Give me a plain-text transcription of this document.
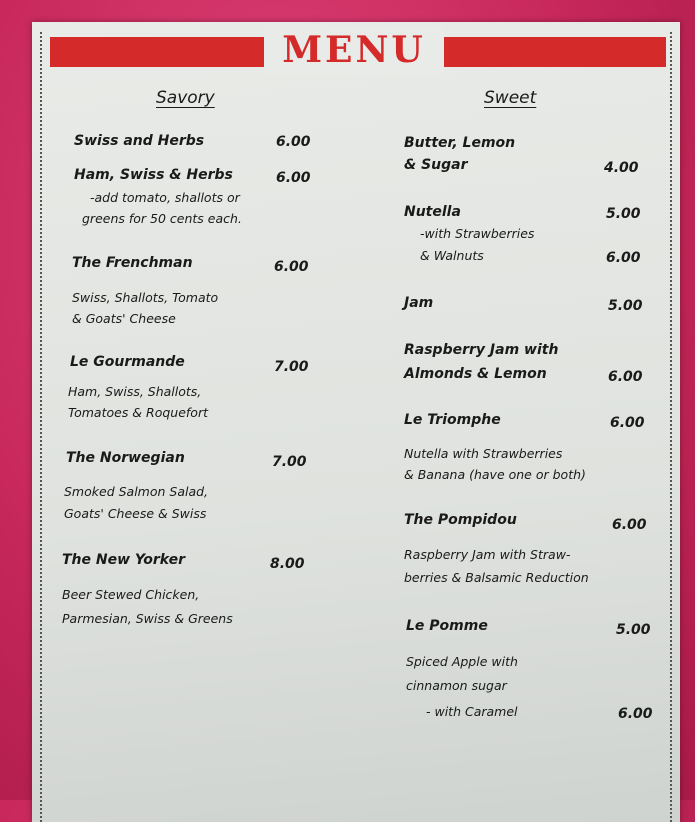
MENU
Savory
Swiss and Herbs	6.00
Ham, Swiss & Herbs	6.00
-add tomato, shallots or
greens for 50 cents each.
The Frenchman	6.00
Swiss, Shallots, Tomato
& Goats' Cheese
Le Gourmande	7.00
Ham, Swiss, Shallots,
Tomatoes & Roquefort
The Norwegian	7.00
Smoked Salmon Salad,
Goats' Cheese & Swiss
The New Yorker	8.00
Beer Stewed Chicken,
Parmesian, Swiss & Greens
Sweet
Butter, Lemon
& Sugar	4.00
Nutella	5.00
-with Strawberries
& Walnuts	6.00
Jam	5.00
Raspberry Jam with
Almonds & Lemon	6.00
Le Triomphe	6.00
Nutella with Strawberries
& Banana (have one or both)
The Pompidou	6.00
Raspberry Jam with Straw-
berries & Balsamic Reduction
Le Pomme	5.00
Spiced Apple with
cinnamon sugar
- with Caramel	6.00
